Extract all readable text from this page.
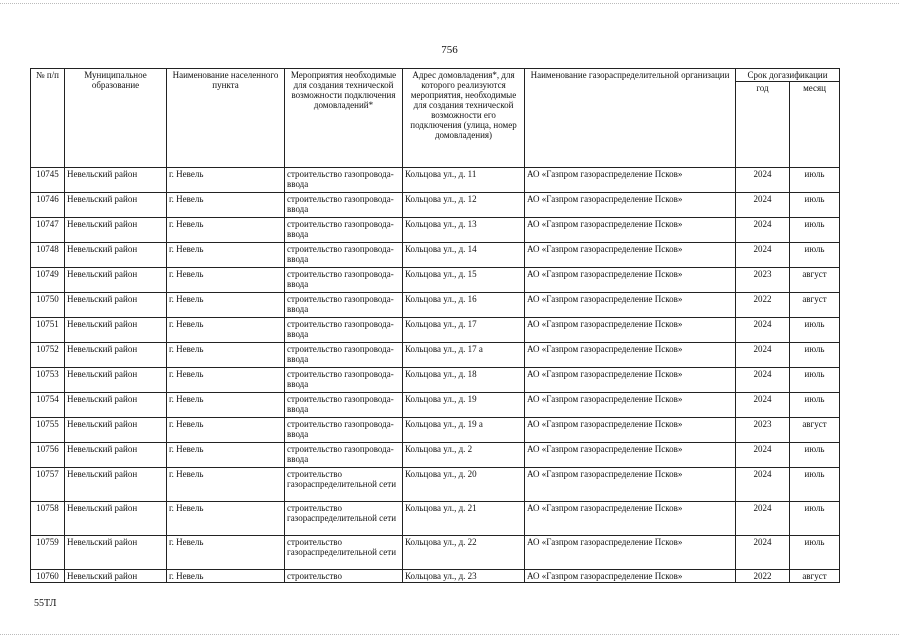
756
№ п/п	Муниципальное образование	Наименование населенного пункта	Мероприятия необходимые для создания технической возможности подключения домовладений*	Адрес домовладения*, для которого реализуются мероприятия, необходимые для создания технической возможности его подключения (улица, номер домовладения)	Наименование газораспределительной организации	Срок догазификации	
						год	месяц
10745	Невельский район	г. Невель	строительство газопровода-ввода	Кольцова ул., д. 11	АО «Газпром газораспределение Псков»	2024	июль
10746	Невельский район	г. Невель	строительство газопровода-ввода	Кольцова ул., д. 12	АО «Газпром газораспределение Псков»	2024	июль
10747	Невельский район	г. Невель	строительство газопровода-ввода	Кольцова ул., д. 13	АО «Газпром газораспределение Псков»	2024	июль
10748	Невельский район	г. Невель	строительство газопровода-ввода	Кольцова ул., д. 14	АО «Газпром газораспределение Псков»	2024	июль
10749	Невельский район	г. Невель	строительство газопровода-ввода	Кольцова ул., д. 15	АО «Газпром газораспределение Псков»	2023	август
10750	Невельский район	г. Невель	строительство газопровода-ввода	Кольцова ул., д. 16	АО «Газпром газораспределение Псков»	2022	август
10751	Невельский район	г. Невель	строительство газопровода-ввода	Кольцова ул., д. 17	АО «Газпром газораспределение Псков»	2024	июль
10752	Невельский район	г. Невель	строительство газопровода-ввода	Кольцова ул., д. 17 а	АО «Газпром газораспределение Псков»	2024	июль
10753	Невельский район	г. Невель	строительство газопровода-ввода	Кольцова ул., д. 18	АО «Газпром газораспределение Псков»	2024	июль
10754	Невельский район	г. Невель	строительство газопровода-ввода	Кольцова ул., д. 19	АО «Газпром газораспределение Псков»	2024	июль
10755	Невельский район	г. Невель	строительство газопровода-ввода	Кольцова ул., д. 19 а	АО «Газпром газораспределение Псков»	2023	август
10756	Невельский район	г. Невель	строительство газопровода-ввода	Кольцова ул., д. 2	АО «Газпром газораспределение Псков»	2024	июль
10757	Невельский район	г. Невель	строительство газораспределительной сети	Кольцова ул., д. 20	АО «Газпром газораспределение Псков»	2024	июль
10758	Невельский район	г. Невель	строительство газораспределительной сети	Кольцова ул., д. 21	АО «Газпром газораспределение Псков»	2024	июль
10759	Невельский район	г. Невель	строительство газораспределительной сети	Кольцова ул., д. 22	АО «Газпром газораспределение Псков»	2024	июль
10760	Невельский район	г. Невель	строительство	Кольцова ул., д. 23	АО «Газпром газораспределение Псков»	2022	август
55ТЛ
